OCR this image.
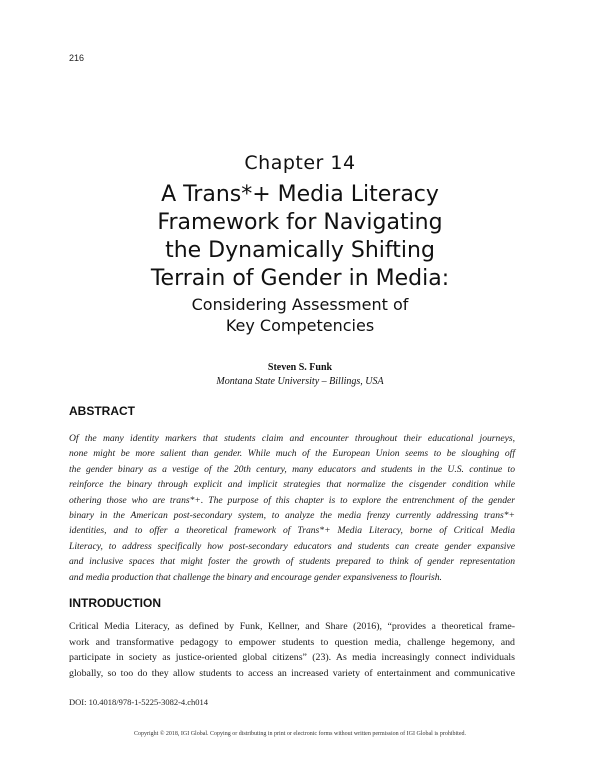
216
Chapter 14
A Trans*+ Media Literacy
Framework for Navigating
the Dynamically Shifting
Terrain of Gender in Media:
Considering Assessment of
Key Competencies
Steven S. Funk
Montana State University – Billings, USA
ABSTRACT

Of the many identity markers that students claim and encounter throughout their educational journeys,
none might be more salient than gender. While much of the European Union seems to be sloughing off
the gender binary as a vestige of the 20th century, many educators and students in the U.S. continue to
reinforce the binary through explicit and implicit strategies that normalize the cisgender condition while
othering those who are trans*+. The purpose of this chapter is to explore the entrenchment of the gender
binary in the American post-secondary system, to analyze the media frenzy currently addressing trans*+
identities, and to offer a theoretical framework of Trans*+ Media Literacy, borne of Critical Media
Literacy, to address specifically how post-secondary educators and students can create gender expansive
and inclusive spaces that might foster the growth of students prepared to think of gender representation
and media production that challenge the binary and encourage gender expansiveness to flourish.

INTRODUCTION

Critical Media Literacy, as defined by Funk, Kellner, and Share (2016), “provides a theoretical frame-
work and transformative pedagogy to empower students to question media, challenge hegemony, and
participate in society as justice-oriented global citizens” (23). As media increasingly connect individuals
globally, so too do they allow students to access an increased variety of entertainment and communicative

DOI: 10.4018/978-1-5225-3082-4.ch014
Copyright © 2018, IGI Global. Copying or distributing in print or electronic forms without written permission of IGI Global is prohibited.
